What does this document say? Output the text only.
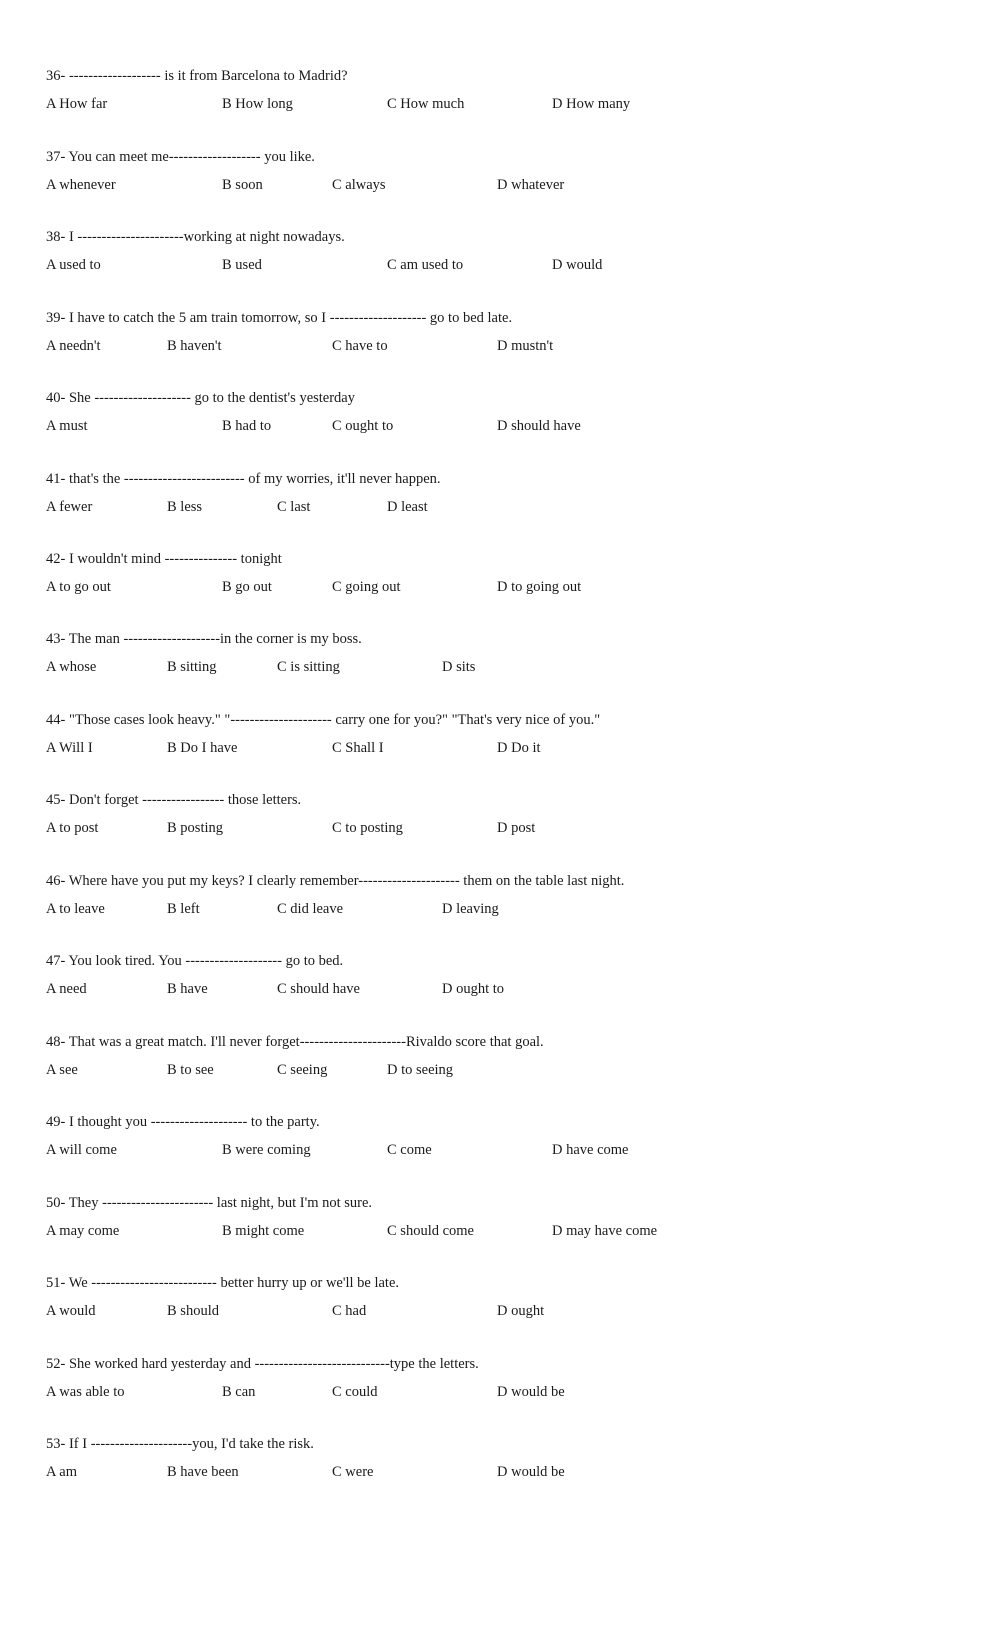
36- ------------------- is it from Barcelona to Madrid?
A How far	B How long	C How much	D How many
37- You can meet me------------------- you like.
A whenever	B soon	C always	D whatever
38- I ----------------------working at night nowadays.
A used to	B used	C am used to	D would
39- I have to catch the 5 am train tomorrow, so I -------------------- go to bed late.
A needn't	B haven't	C have to	D mustn't
40- She -------------------- go to the dentist's yesterday
A must	B had to	C ought to	D should have
41- that's the ------------------------- of my worries, it'll never happen.
A fewer	B less	C last	D least
42- I wouldn't mind --------------- tonight
A to go out	B go out	C going out	D to going out
43- The man --------------------in the corner is my boss.
A whose	B sitting	C is sitting	D sits
44- "Those cases look heavy." "--------------------- carry one for you?" "That's very nice of you."
A Will I	B Do I have	C Shall I	D Do it
45- Don't forget ----------------- those letters.
A to post	B posting	C to posting	D post
46- Where have you put my keys? I clearly remember--------------------- them on the table last night.
A to leave	B left	C did leave	D leaving
47- You look tired. You -------------------- go to bed.
A need	B have	C should have	D ought to
48- That was a great match. I'll never forget----------------------Rivaldo score that goal.
A see	B to see	C seeing	D to seeing
49- I thought you -------------------- to the party.
A will come	B were coming	C come	D have come
50- They ----------------------- last night, but I'm not sure.
A may come	B might come	C should come	D may have come
51- We -------------------------- better hurry up or we'll be late.
A would	B should	C had	D ought
52- She worked hard yesterday and ----------------------------type the letters.
A was able to	B can	C could	D would be
53- If I ---------------------you, I'd take the risk.
A am	B have been	C were	D would be
